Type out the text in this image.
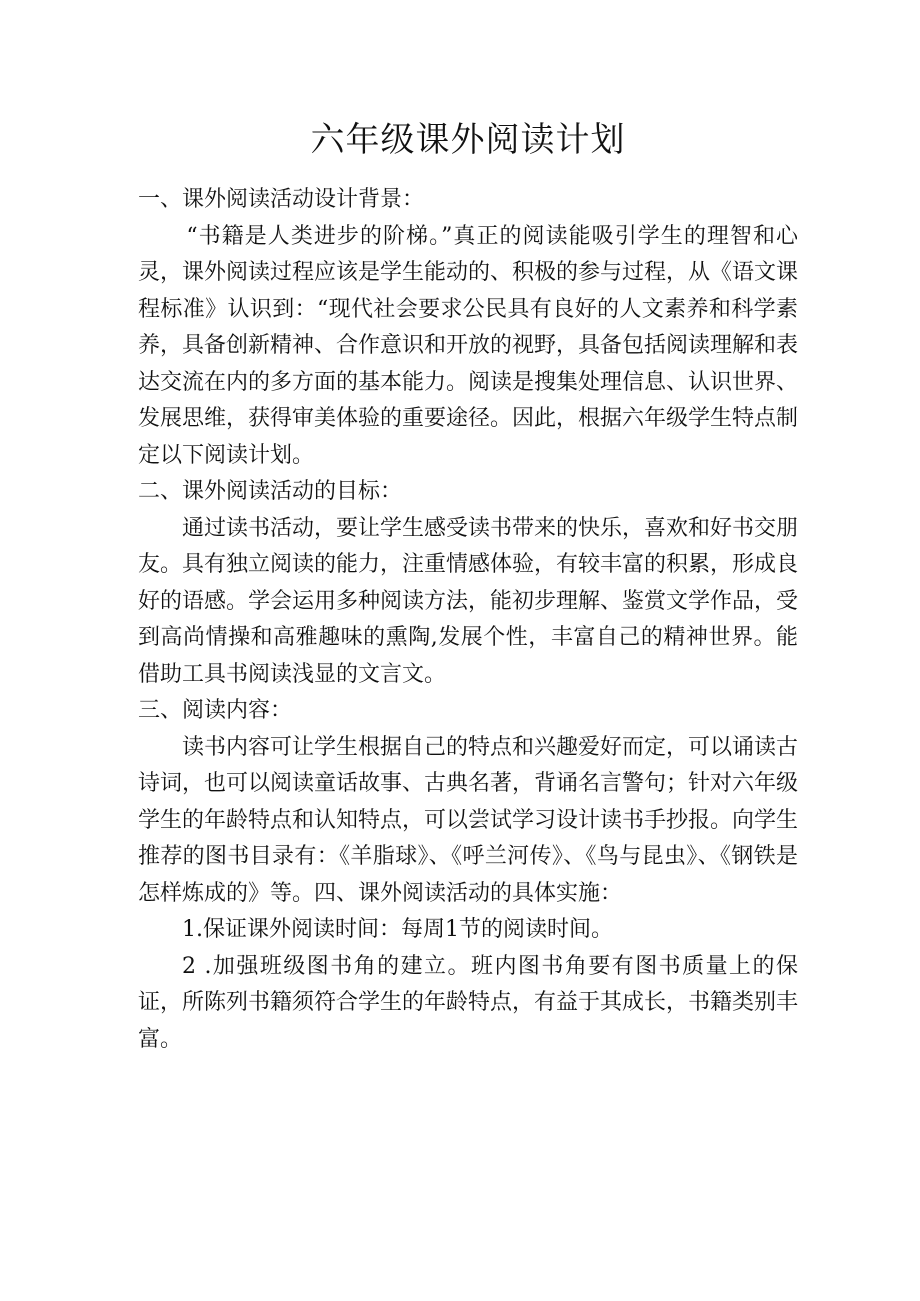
六年级课外阅读计划

一、课外阅读活动设计背景：

“书籍是人类进步的阶梯。”真正的阅读能吸引学生的理智和心灵，课外阅读过程应该是学生能动的、积极的参与过程，从《语文课程标准》认识到：“现代社会要求公民具有良好的人文素养和科学素养，具备创新精神、合作意识和开放的视野，具备包括阅读理解和表达交流在内的多方面的基本能力。阅读是搜集处理信息、认识世界、发展思维，获得审美体验的重要途径。因此，根据六年级学生特点制定以下阅读计划。

二、课外阅读活动的目标：

通过读书活动，要让学生感受读书带来的快乐，喜欢和好书交朋友。具有独立阅读的能力，注重情感体验，有较丰富的积累，形成良好的语感。学会运用多种阅读方法，能初步理解、鉴赏文学作品，受到高尚情操和高雅趣味的熏陶,发展个性，丰富自己的精神世界。能借助工具书阅读浅显的文言文。

三、阅读内容：

读书内容可让学生根据自己的特点和兴趣爱好而定，可以诵读古诗词，也可以阅读童话故事、古典名著，背诵名言警句；针对六年级学生的年龄特点和认知特点，可以尝试学习设计读书手抄报。向学生推荐的图书目录有：《羊脂球》、《呼兰河传》、《鸟与昆虫》、《钢铁是怎样炼成的》等。四、课外阅读活动的具体实施：

1.保证课外阅读时间：每周1节的阅读时间。

2 .加强班级图书角的建立。班内图书角要有图书质量上的保证，所陈列书籍须符合学生的年龄特点，有益于其成长，书籍类别丰富。
